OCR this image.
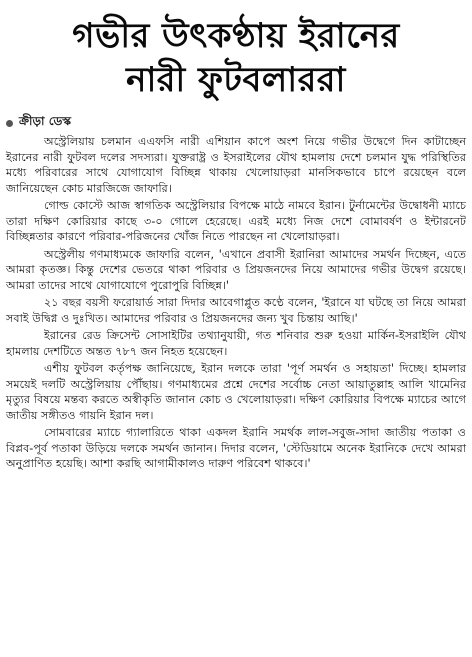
গভীর উৎকণ্ঠায় ইরানের
নারী ফুটবলাররা
ক্রীড়া ডেস্ক

অস্ট্রেলিয়ায় চলমান এএফসি নারী এশিয়ান কাপে অংশ নিয়ে গভীর উদ্বেগে দিন কাটাচ্ছেন ইরানের নারী ফুটবল দলের সদস্যরা। যুক্তরাষ্ট্র ও ইসরাইলের যৌথ হামলায় দেশে চলমান যুদ্ধ পরিস্থিতির মধ্যে পরিবারের সাথে যোগাযোগ বিচ্ছিন্ন থাকায় খেলোয়াড়রা মানসিকভাবে চাপে রয়েছেন বলে জানিয়েছেন কোচ মারজিজে জাফারি।

গোল্ড কোস্টে আজ স্বাগতিক অস্ট্রেলিয়ার বিপক্ষে মাঠে নামবে ইরান। টুর্নামেন্টের উদ্বোধনী ম্যাচে তারা দক্ষিণ কোরিয়ার কাছে ৩-০ গোলে হেরেছে। এরই মধ্যে নিজ দেশে বোমাবর্ষণ ও ইন্টারনেট বিচ্ছিন্নতার কারণে পরিবার-পরিজনের খোঁজ নিতে পারছেন না খেলোয়াড়রা।

অস্ট্রেলীয় গণমাধ্যমকে জাফারি বলেন, 'এখানে প্রবাসী ইরানিরা আমাদের সমর্থন দিচ্ছেন, এতে আমরা কৃতজ্ঞ। কিন্তু দেশের ভেতরে থাকা পরিবার ও প্রিয়জনদের নিয়ে আমাদের গভীর উদ্বেগ রয়েছে। আমরা তাদের সাথে যোগাযোগে পুরোপুরি বিচ্ছিন্ন।'

২১ বছর বয়সী ফরোয়ার্ড সারা দিদার আবেগাপ্লুত কণ্ঠে বলেন, 'ইরানে যা ঘটছে তা নিয়ে আমরা সবাই উদ্বিগ্ন ও দুঃখিত। আমাদের পরিবার ও প্রিয়জনদের জন্য খুব চিন্তায় আছি।'

ইরানের রেড ক্রিসেন্ট সোসাইটির তথ্যানুযায়ী, গত শনিবার শুরু হওয়া মার্কিন-ইসরাইলি যৌথ হামলায় দেশটিতে অন্তত ৭৮৭ জন নিহত হয়েছেন।

এশীয় ফুটবল কর্তৃপক্ষ জানিয়েছে, ইরান দলকে তারা 'পূর্ণ সমর্থন ও সহায়তা' দিচ্ছে। হামলার সময়েই দলটি অস্ট্রেলিয়ায় পৌঁছায়। গণমাধ্যমের প্রশ্নে দেশের সর্বোচ্চ নেতা আয়াতুল্লাহ আলি খামেনির মৃত্যুর বিষয়ে মন্তব্য করতে অস্বীকৃতি জানান কোচ ও খেলোয়াড়রা। দক্ষিণ কোরিয়ার বিপক্ষে ম্যাচের আগে জাতীয় সঙ্গীতও গায়নি ইরান দল।

সোমবারের ম্যাচে গ্যালারিতে থাকা একদল ইরানি সমর্থক লাল-সবুজ-সাদা জাতীয় পতাকা ও বিপ্লব-পূর্ব পতাকা উড়িয়ে দলকে সমর্থন জানান। দিদার বলেন, 'স্টেডিয়ামে অনেক ইরানিকে দেখে আমরা অনুপ্রাণিত হয়েছি। আশা করছি আগামীকালও দারুণ পরিবেশ থাকবে।'
